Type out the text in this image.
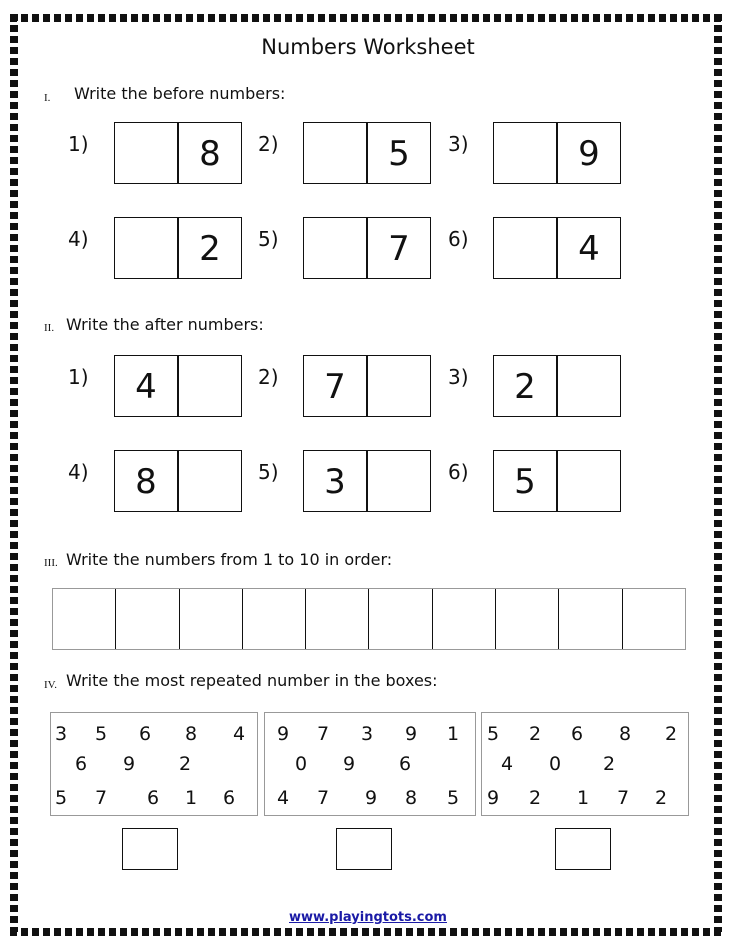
Numbers Worksheet
I. Write the before numbers:
1)	8	2)	5	3)	9
4)	2	5)	7	6)	4
II. Write the after numbers:
1)	4	2)	7	3)	2
4)	8	5)	3	6)	5
III. Write the numbers from 1 to 10 in order:
IV. Write the most repeated number in the boxes:
3 5 6 8 4
6 9 2
5 7 6 1 6
9 7 3 9 1
0 9 6
4 7 9 8 5
5 2 6 8 2
4 0 2
9 2 1 7 2
www.playingtots.com
